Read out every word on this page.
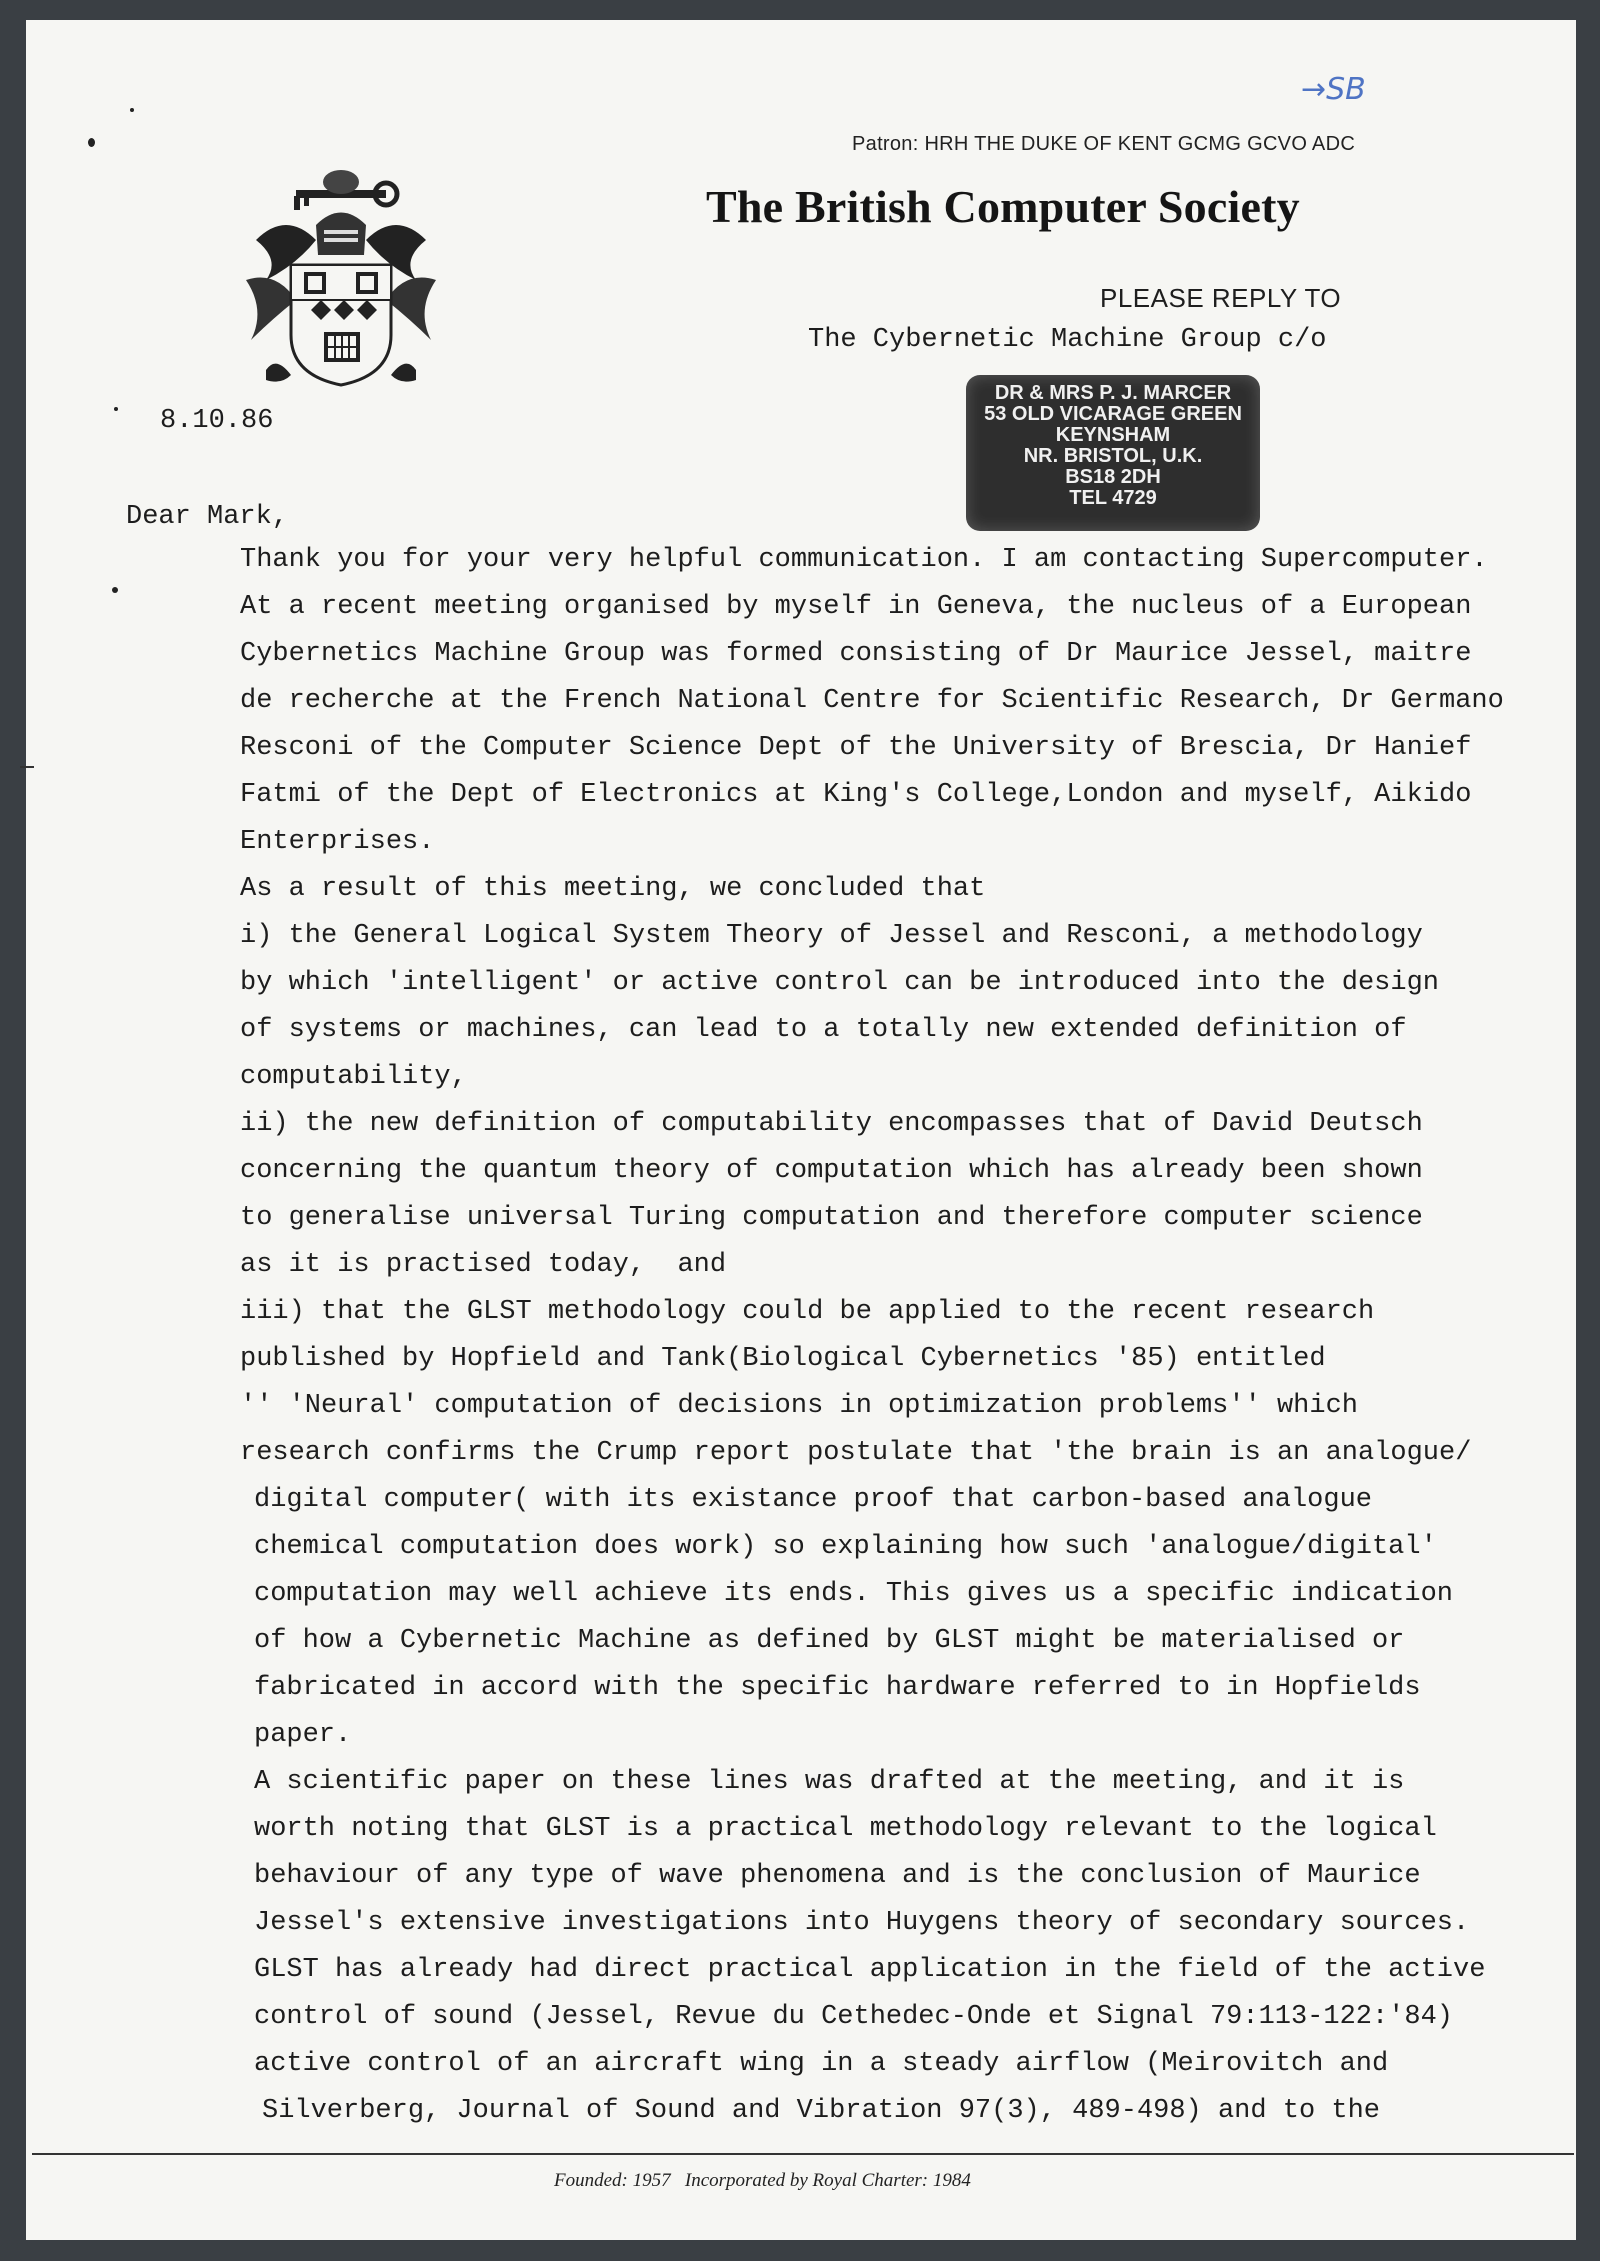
→SB
Patron: HRH THE DUKE OF KENT GCMG GCVO ADC
The British Computer Society
PLEASE REPLY TO
The Cybernetic Machine Group c/o
DR & MRS P. J. MARCER
53 OLD VICARAGE GREEN
KEYNSHAM
NR. BRISTOL, U.K.
BS18 2DH
TEL 4729
8.10.86
Dear Mark,
Thank you for your very helpful communication. I am contacting Supercomputer.
At a recent meeting organised by myself in Geneva, the nucleus of a European
Cybernetics Machine Group was formed consisting of Dr Maurice Jessel, maitre
de recherche at the French National Centre for Scientific Research, Dr Germano
Resconi of the Computer Science Dept of the University of Brescia, Dr Hanief
Fatmi of the Dept of Electronics at King's College,London and myself, Aikido
Enterprises.
As a result of this meeting, we concluded that
i) the General Logical System Theory of Jessel and Resconi, a methodology
by which 'intelligent' or active control can be introduced into the design
of systems or machines, can lead to a totally new extended definition of
computability,
ii) the new definition of computability encompasses that of David Deutsch
concerning the quantum theory of computation which has already been shown
to generalise universal Turing computation and therefore computer science
as it is practised today,  and
iii) that the GLST methodology could be applied to the recent research
published by Hopfield and Tank(Biological Cybernetics '85) entitled
'' 'Neural' computation of decisions in optimization problems'' which
research confirms the Crump report postulate that 'the brain is an analogue/
digital computer( with its existance proof that carbon-based analogue
chemical computation does work) so explaining how such 'analogue/digital'
computation may well achieve its ends. This gives us a specific indication
of how a Cybernetic Machine as defined by GLST might be materialised or
fabricated in accord with the specific hardware referred to in Hopfields
paper.
A scientific paper on these lines was drafted at the meeting, and it is
worth noting that GLST is a practical methodology relevant to the logical
behaviour of any type of wave phenomena and is the conclusion of Maurice
Jessel's extensive investigations into Huygens theory of secondary sources.
GLST has already had direct practical application in the field of the active
control of sound (Jessel, Revue du Cethedec-Onde et Signal 79:113-122:'84)
active control of an aircraft wing in a steady airflow (Meirovitch and
Silverberg, Journal of Sound and Vibration 97(3), 489-498) and to the
Founded: 1957   Incorporated by Royal Charter: 1984
